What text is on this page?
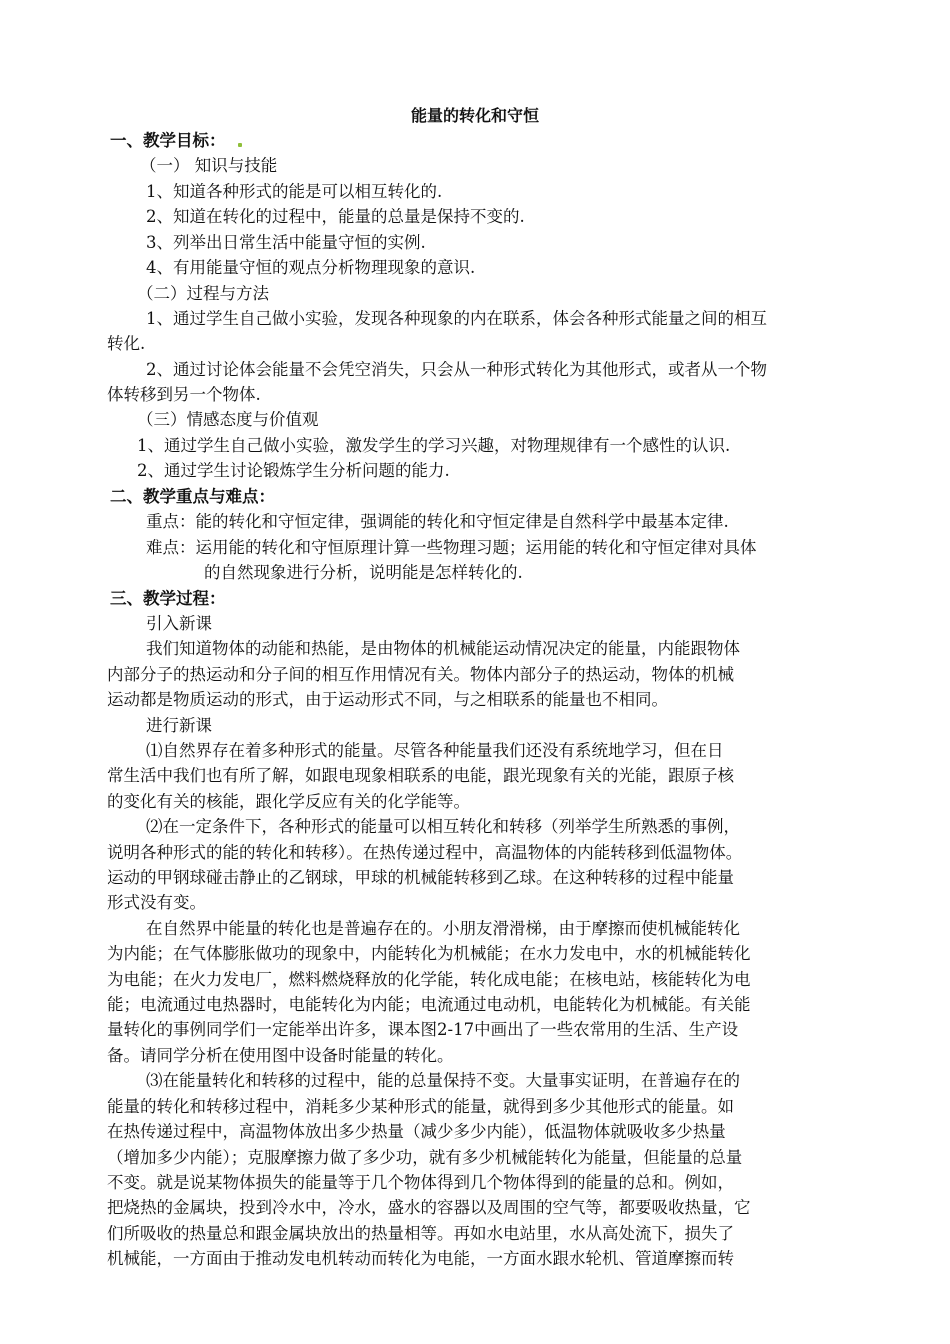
能量的转化和守恒
一、教学目标：
（一） 知识与技能
1、知道各种形式的能是可以相互转化的.
2、知道在转化的过程中，能量的总量是保持不变的.
3、列举出日常生活中能量守恒的实例.
4、有用能量守恒的观点分析物理现象的意识.
（二）过程与方法
1、通过学生自己做小实验，发现各种现象的内在联系，体会各种形式能量之间的相互
转化.
2、通过讨论体会能量不会凭空消失，只会从一种形式转化为其他形式，或者从一个物
体转移到另一个物体.
（三）情感态度与价值观
1、通过学生自己做小实验，激发学生的学习兴趣，对物理规律有一个感性的认识.
2、通过学生讨论锻炼学生分析问题的能力.
二、教学重点与难点：
重点：能的转化和守恒定律，强调能的转化和守恒定律是自然科学中最基本定律.
难点：运用能的转化和守恒原理计算一些物理习题；运用能的转化和守恒定律对具体
的自然现象进行分析，说明能是怎样转化的.
三、教学过程：
引入新课
我们知道物体的动能和热能，是由物体的机械能运动情况决定的能量，内能跟物体
内部分子的热运动和分子间的相互作用情况有关。物体内部分子的热运动，物体的机械
运动都是物质运动的形式，由于运动形式不同，与之相联系的能量也不相同。
进行新课
⑴自然界存在着多种形式的能量。尽管各种能量我们还没有系统地学习，但在日
常生活中我们也有所了解，如跟电现象相联系的电能，跟光现象有关的光能，跟原子核
的变化有关的核能，跟化学反应有关的化学能等。
⑵在一定条件下，各种形式的能量可以相互转化和转移（列举学生所熟悉的事例，
说明各种形式的能的转化和转移）。在热传递过程中，高温物体的内能转移到低温物体。
运动的甲钢球碰击静止的乙钢球，甲球的机械能转移到乙球。在这种转移的过程中能量
形式没有变。
在自然界中能量的转化也是普遍存在的。小朋友滑滑梯，由于摩擦而使机械能转化
为内能；在气体膨胀做功的现象中，内能转化为机械能；在水力发电中，水的机械能转化
为电能；在火力发电厂，燃料燃烧释放的化学能，转化成电能；在核电站，核能转化为电
能；电流通过电热器时，电能转化为内能；电流通过电动机，电能转化为机械能。有关能
量转化的事例同学们一定能举出许多，课本图2-17中画出了一些农常用的生活、生产设
备。请同学分析在使用图中设备时能量的转化。
⑶在能量转化和转移的过程中，能的总量保持不变。大量事实证明，在普遍存在的
能量的转化和转移过程中，消耗多少某种形式的能量，就得到多少其他形式的能量。如
在热传递过程中，高温物体放出多少热量（减少多少内能），低温物体就吸收多少热量
（增加多少内能）；克服摩擦力做了多少功，就有多少机械能转化为能量，但能量的总量
不变。就是说某物体损失的能量等于几个物体得到几个物体得到的能量的总和。例如，
把烧热的金属块，投到冷水中，冷水，盛水的容器以及周围的空气等，都要吸收热量，它
们所吸收的热量总和跟金属块放出的热量相等。再如水电站里，水从高处流下，损失了
机械能，一方面由于推动发电机转动而转化为电能，一方面水跟水轮机、管道摩擦而转
